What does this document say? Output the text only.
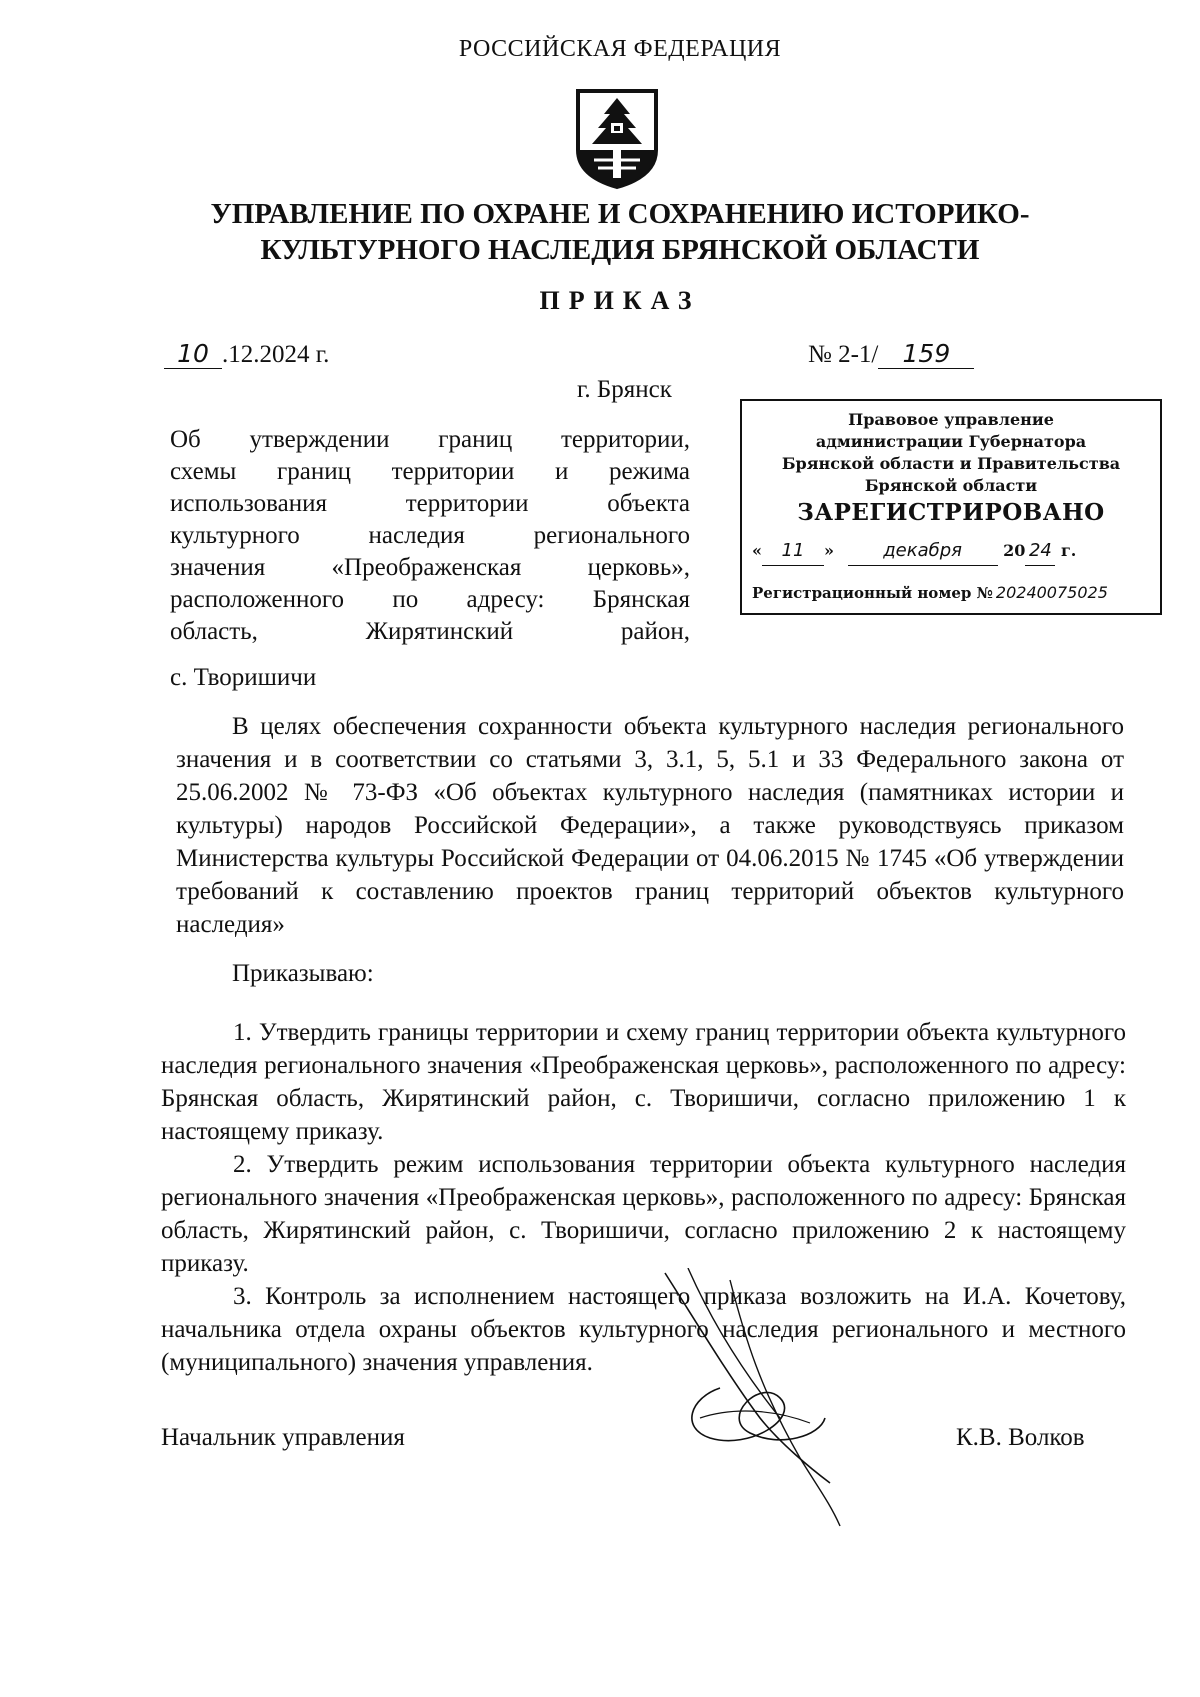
РОССИЙСКАЯ ФЕДЕРАЦИЯ
УПРАВЛЕНИЕ ПО ОХРАНЕ И СОХРАНЕНИЮ ИСТОРИКО-
КУЛЬТУРНОГО НАСЛЕДИЯ БРЯНСКОЙ ОБЛАСТИ
ПРИКАЗ
10 .12.2024 г.	№ 2-1/ 159
г. Брянск
Об утверждении границ территории,
схемы границ территории и режима
использования территории объекта
культурного наследия регионального
значения «Преображенская церковь»,
расположенного по адресу: Брянская
область, Жирятинский район,
с. Творишичи
Правовое управление
администрации Губернатора
Брянской области и Правительства
Брянской области
ЗАРЕГИСТРИРОВАНО
« 11 »	декабря	20 24 г.
Регистрационный номер № 20240075025

В целях обеспечения сохранности объекта культурного наследия регионального значения и в соответствии со статьями 3, 3.1, 5, 5.1 и 33 Федерального закона от 25.06.2002 № 73-ФЗ «Об объектах культурного наследия (памятниках истории и культуры) народов Российской Федерации», а также руководствуясь приказом Министерства культуры Российской Федерации от 04.06.2015 № 1745 «Об утверждении требований к составлению проектов границ территорий объектов культурного наследия»

Приказываю:

1. Утвердить границы территории и схему границ территории объекта культурного наследия регионального значения «Преображенская церковь», расположенного по адресу: Брянская область, Жирятинский район, с. Творишичи, согласно приложению 1 к настоящему приказу.

2. Утвердить режим использования территории объекта культурного наследия регионального значения «Преображенская церковь», расположенного по адресу: Брянская область, Жирятинский район, с. Творишичи, согласно приложению 2 к настоящему приказу.

3. Контроль за исполнением настоящего приказа возложить на И.А. Кочетову, начальника отдела охраны объектов культурного наследия регионального и местного (муниципального) значения управления.

Начальник управления	К.В. Волков
